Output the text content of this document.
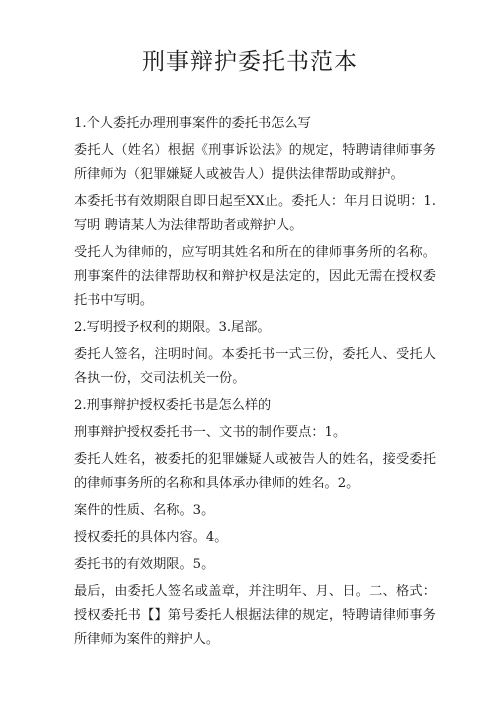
刑事辩护委托书范本

1.个人委托办理刑事案件的委托书怎么写

委托人（姓名）根据《刑事诉讼法》的规定，特聘请律师事务所律师为（犯罪嫌疑人或被告人）提供法律帮助或辩护。

本委托书有效期限自即日起至XX止。委托人：年月日说明：1.写明 聘请某人为法律帮助者或辩护人。

受托人为律师的，应写明其姓名和所在的律师事务所的名称。刑事案件的法律帮助权和辩护权是法定的，因此无需在授权委托书中写明。

2.写明授予权利的期限。3.尾部。

委托人签名，注明时间。本委托书一式三份，委托人、受托人各执一份，交司法机关一份。

2.刑事辩护授权委托书是怎么样的

刑事辩护授权委托书一、文书的制作要点：1。

委托人姓名，被委托的犯罪嫌疑人或被告人的姓名，接受委托的律师事务所的名称和具体承办律师的姓名。2。

案件的性质、名称。3。

授权委托的具体内容。4。

委托书的有效期限。5。

最后，由委托人签名或盖章，并注明年、月、日。二、格式：授权委托书【】第号委托人根据法律的规定，特聘请律师事务所律师为案件的辩护人。
